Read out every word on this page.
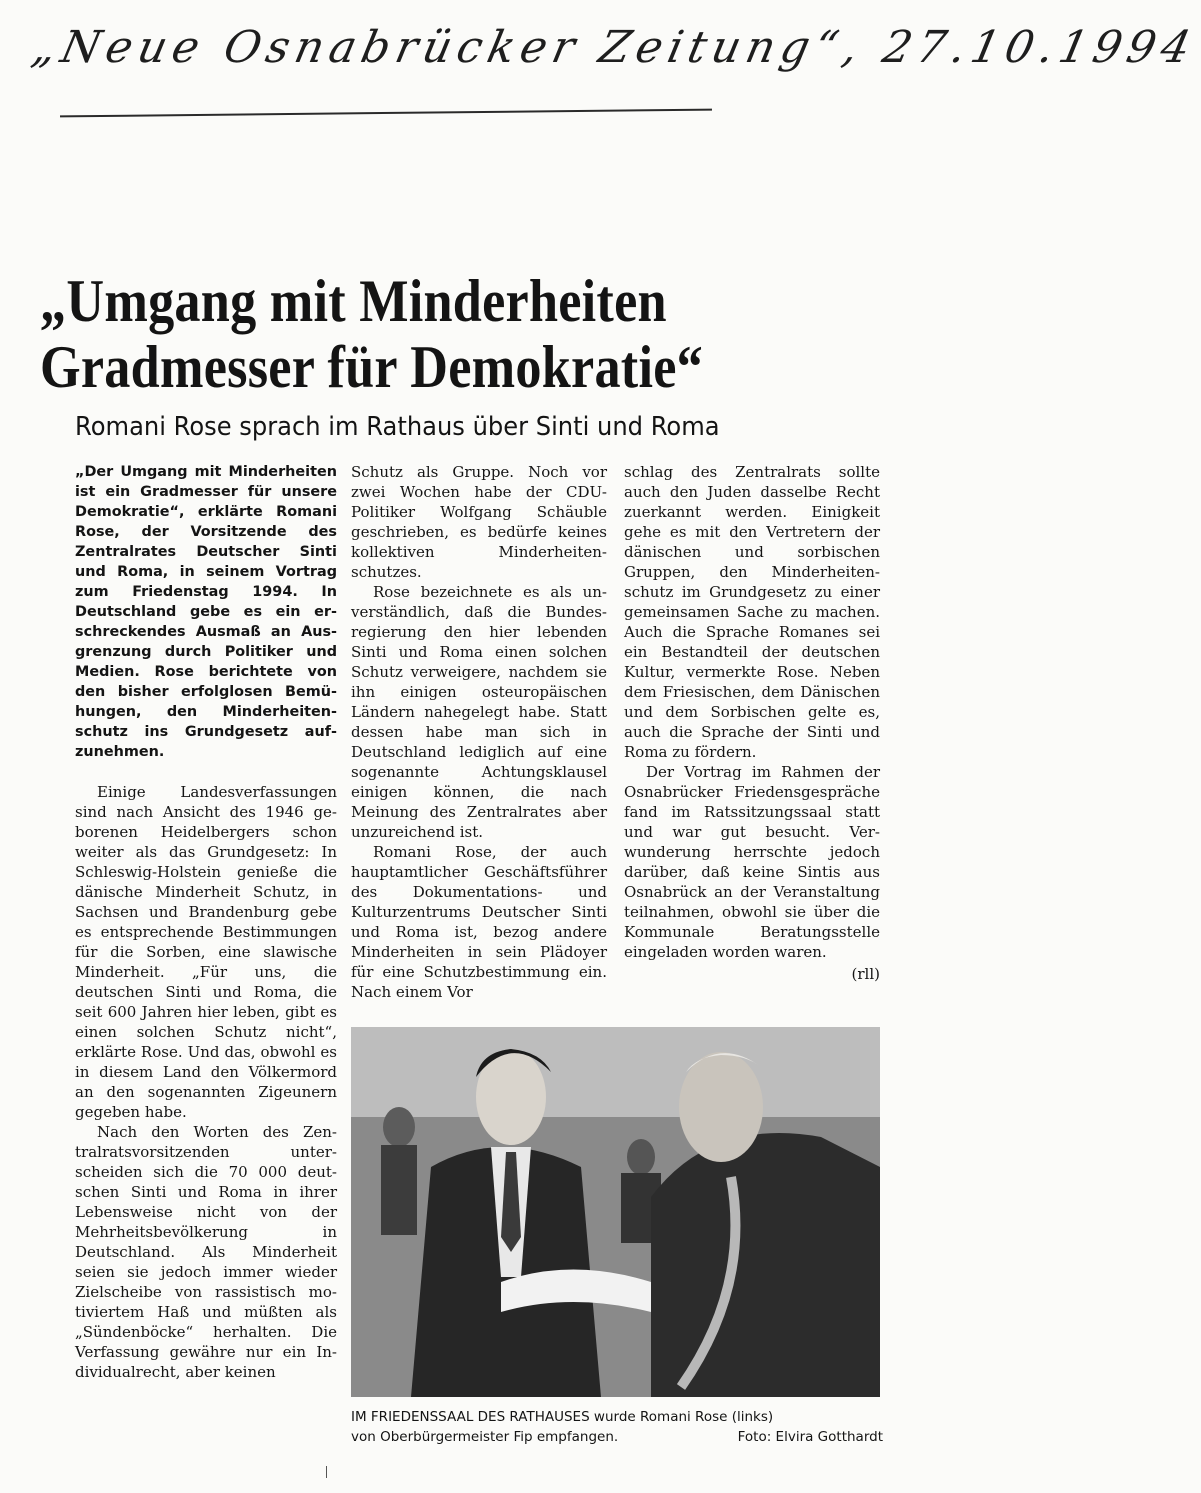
„Neue Osnabrücker Zeitung“, 27.10.1994
„Umgang mit Minderheiten
Gradmesser für Demokratie“
Romani Rose sprach im Rathaus über Sinti und Roma

„Der Umgang mit Minderheiten ist ein Gradmesser für unsere Demokratie“, erklärte Romani Rose, der Vorsitzende des Zentralrates Deutscher Sinti und Roma, in seinem Vortrag zum Friedenstag 1994. In Deutschland gebe es ein erschreckendes Ausmaß an Ausgrenzung durch Politiker und Medien. Rose berichtete von den bisher erfolglosen Bemühungen, den Minderheitenschutz ins Grundgesetz aufzunehmen.

Einige Landesverfassungen sind nach Ansicht des 1946 geborenen Heidelbergers schon weiter als das Grundgesetz: In Schleswig-Holstein genieße die dänische Minderheit Schutz, in Sachsen und Brandenburg gebe es entsprechende Bestimmungen für die Sorben, eine slawische Minderheit. „Für uns, die deutschen Sinti und Roma, die seit 600 Jahren hier leben, gibt es einen solchen Schutz nicht“, erklärte Rose. Und das, obwohl es in diesem Land den Völkermord an den sogenannten Zigeunern gegeben habe.

Nach den Worten des Zentralratsvorsitzenden unterscheiden sich die 70 000 deutschen Sinti und Roma in ihrer Lebensweise nicht von der Mehrheitsbevölkerung in Deutschland. Als Minderheit seien sie jedoch immer wieder Zielscheibe von rassistisch motiviertem Haß und müßten als „Sündenböcke“ herhalten. Die Verfassung gewähre nur ein Individualrecht, aber keinen

Schutz als Gruppe. Noch vor zwei Wochen habe der CDU-Politiker Wolfgang Schäuble geschrieben, es bedürfe keines kollektiven Minderheitenschutzes.

Rose bezeichnete es als unverständlich, daß die Bundesregierung den hier lebenden Sinti und Roma einen solchen Schutz verweigere, nachdem sie ihn einigen osteuropäischen Ländern nahegelegt habe. Statt dessen habe man sich in Deutschland lediglich auf eine sogenannte Achtungsklausel einigen können, die nach Meinung des Zentralrates aber unzureichend ist.

Romani Rose, der auch hauptamtlicher Geschäftsführer des Dokumentations- und Kulturzentrums Deutscher Sinti und Roma ist, bezog andere Minderheiten in sein Plädoyer für eine Schutzbestimmung ein. Nach einem Vor

schlag des Zentralrats sollte auch den Juden dasselbe Recht zuerkannt werden. Einigkeit gehe es mit den Vertretern der dänischen und sorbischen Gruppen, den Minderheitenschutz im Grundgesetz zu einer gemeinsamen Sache zu machen. Auch die Sprache Romanes sei ein Bestandteil der deutschen Kultur, vermerkte Rose. Neben dem Friesischen, dem Dänischen und dem Sorbischen gelte es, auch die Sprache der Sinti und Roma zu fördern.

Der Vortrag im Rahmen der Osnabrücker Friedensgespräche fand im Ratssitzungssaal statt und war gut besucht. Verwunderung herrschte jedoch darüber, daß keine Sintis aus Osnabrück an der Veranstaltung teilnahmen, obwohl sie über die Kommunale Beratungsstelle eingeladen worden waren.

(rll)
IM FRIEDENSSAAL DES RATHAUSES wurde Romani Rose (links)
von Oberbürgermeister Fip empfangen.	Foto: Elvira Gotthardt
